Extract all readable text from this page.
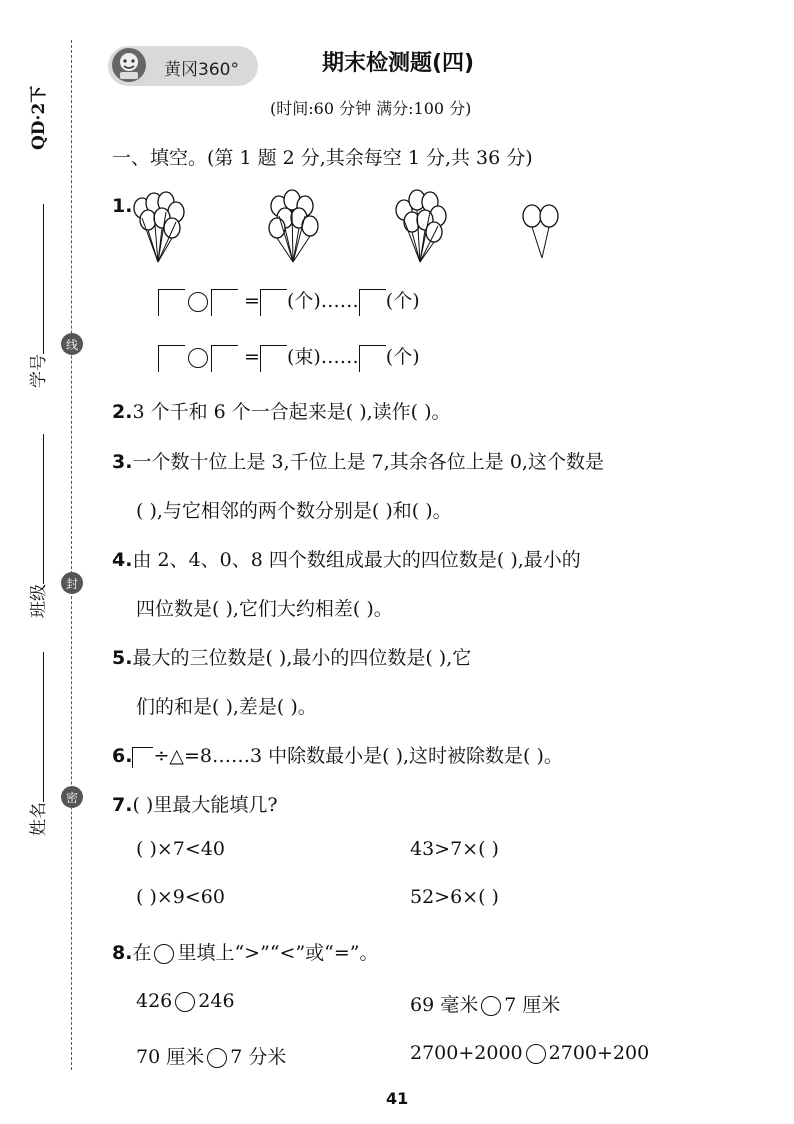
QD·2下
学号
班级
姓名
线
封
密
黄冈360°	期末检测题(四)
(时间:60 分钟 满分:100 分)
一、填空。(第 1 题 2 分,其余每空 1 分,共 36 分)
1.
= (个)…… (个)
= (束)…… (个)
2.3 个千和 6 个一合起来是( ),读作( )。
3.一个数十位上是 3,千位上是 7,其余各位上是 0,这个数是
( ),与它相邻的两个数分别是( )和( )。
4.由 2、4、0、8 四个数组成最大的四位数是( ),最小的
四位数是( ),它们大约相差( )。
5.最大的三位数是( ),最小的四位数是( ),它
们的和是( ),差是( )。
6. ÷△=8……3 中除数最小是( ),这时被除数是( )。
7.( )里最大能填几?
( )×7<40	43>7×( )
( )×9<60	52>6×( )
8.在 里填上“>”“<”或“=”。
426 246	69 毫米 7 厘米
70 厘米 7 分米	2700+2000 2700+200
41
